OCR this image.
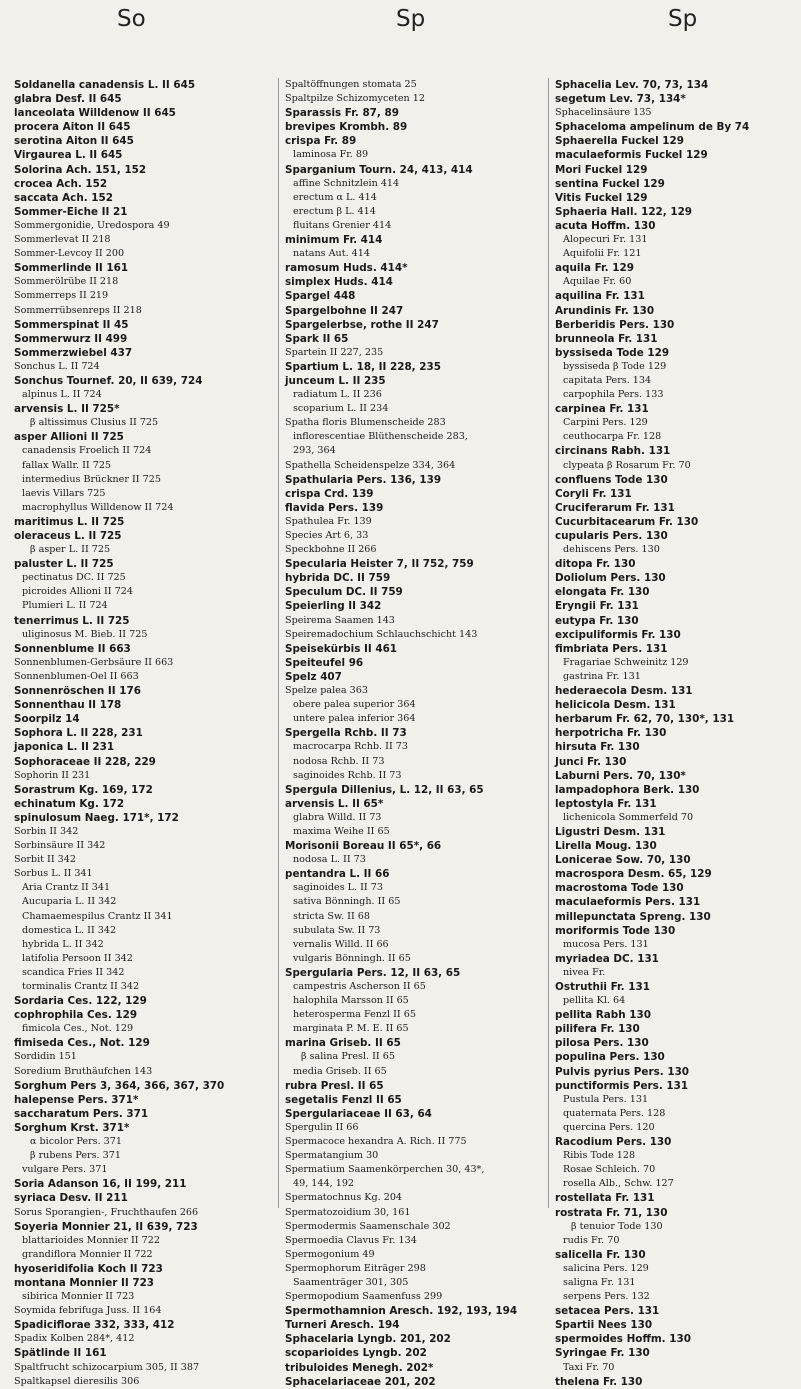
So	Sp	Sp
Soldanella canadensis L. II 645
glabra Desf. II 645
lanceolata Willdenow II 645
procera Aiton II 645
serotina Aiton II 645
Virgaurea L. II 645
Solorina Ach. 151, 152
crocea Ach. 152
saccata Ach. 152
Sommer-Eiche II 21
Sommergonidie, Uredospora 49
Sommerlevat II 218
Sommer-Levcoy II 200
Sommerlinde II 161
Sommerölrübe II 218
Sommerreps II 219
Sommerrübsenreps II 218
Sommerspinat II 45
Sommerwurz II 499
Sommerzwiebel 437
Sonchus L. II 724
Sonchus Tournef. 20, II 639, 724
alpinus L. II 724
arvensis L. II 725*
β altissimus Clusius II 725
asper Allioni II 725
canadensis Froelich II 724
fallax Wallr. II 725
intermedius Brückner II 725
laevis Villars 725
macrophyllus Willdenow II 724
maritimus L. II 725
oleraceus L. II 725
β asper L. II 725
paluster L. II 725
pectinatus DC. II 725
picroides Allioni II 724
Plumieri L. II 724
tenerrimus L. II 725
uliginosus M. Bieb. II 725
Sonnenblume II 663
Sonnenblumen-Gerbsäure II 663
Sonnenblumen-Oel II 663
Sonnenröschen II 176
Sonnenthau II 178
Soorpilz 14
Sophora L. II 228, 231
japonica L. II 231
Sophoraceae II 228, 229
Sophorin II 231
Sorastrum Kg. 169, 172
echinatum Kg. 172
spinulosum Naeg. 171*, 172
Sorbin II 342
Sorbinsäure II 342
Sorbit II 342
Sorbus L. II 341
Aria Crantz II 341
Aucuparia L. II 342
Chamaemespilus Crantz II 341
domestica L. II 342
hybrida L. II 342
latifolia Persoon II 342
scandica Fries II 342
torminalis Crantz II 342
Sordaria Ces. 122, 129
cophrophila Ces. 129
fimicola Ces., Not. 129
fimiseda Ces., Not. 129
Sordidin 151
Soredium Bruthäufchen 143
Sorghum Pers 3, 364, 366, 367, 370
halepense Pers. 371*
saccharatum Pers. 371
Sorghum Krst. 371*
α bicolor Pers. 371
β rubens Pers. 371
vulgare Pers. 371
Soria Adanson 16, II 199, 211
syriaca Desv. II 211
Sorus Sporangien-, Fruchthaufen 266
Soyeria Monnier 21, II 639, 723
blattarioides Monnier II 722
grandiflora Monnier II 722
hyoseridifolia Koch II 723
montana Monnier II 723
sibirica Monnier II 723
Soymida febrifuga Juss. II 164
Spadiciflorae 332, 333, 412
Spadix Kolben 284*, 412
Spätlinde II 161
Spaltfrucht schizocarpium 305, II 387
Spaltkapsel dieresilis 306
Spaltöffnungen stomata 25
Spaltpilze Schizomyceten 12
Sparassis Fr. 87, 89
brevipes Krombh. 89
crispa Fr. 89
laminosa Fr. 89
Sparganium Tourn. 24, 413, 414
affine Schnitzlein 414
erectum α L. 414
erectum β L. 414
fluitans Grenier 414
minimum Fr. 414
natans Aut. 414
ramosum Huds. 414*
simplex Huds. 414
Spargel 448
Spargelbohne II 247
Spargelerbse, rothe II 247
Spark II 65
Spartein II 227, 235
Spartium L. 18, II 228, 235
junceum L. II 235
radiatum L. II 236
scoparium L. II 234
Spatha floris Blumenscheide 283
inflorescentiae Blüthenscheide 283,
293, 364
Spathella Scheidenspelze 334, 364
Spathularia Pers. 136, 139
crispa Crd. 139
flavida Pers. 139
Spathulea Fr. 139
Species Art 6, 33
Speckbohne II 266
Specularia Heister 7, II 752, 759
hybrida DC. II 759
Speculum DC. II 759
Speierling II 342
Speirema Saamen 143
Speiremadochium Schlauchschicht 143
Speisekürbis II 461
Speiteufel 96
Spelz 407
Spelze palea 363
obere palea superior 364
untere palea inferior 364
Spergella Rchb. II 73
macrocarpa Rchb. II 73
nodosa Rchb. II 73
saginoides Rchb. II 73
Spergula Dillenius, L. 12, II 63, 65
arvensis L. II 65*
glabra Willd. II 73
maxima Weihe II 65
Morisonii Boreau II 65*, 66
nodosa L. II 73
pentandra L. II 66
saginoides L. II 73
sativa Bönningh. II 65
stricta Sw. II 68
subulata Sw. II 73
vernalis Willd. II 66
vulgaris Bönningh. II 65
Spergularia Pers. 12, II 63, 65
campestris Ascherson II 65
halophila Marsson II 65
heterosperma Fenzl II 65
marginata P. M. E. II 65
marina Griseb. II 65
β salina Presl. II 65
media Griseb. II 65
rubra Presl. II 65
segetalis Fenzl II 65
Spergulariaceae II 63, 64
Spergulin II 66
Spermacoce hexandra A. Rich. II 775
Spermatangium 30
Spermatium Saamenkörperchen 30, 43*,
49, 144, 192
Spermatochnus Kg. 204
Spermatozoidium 30, 161
Spermodermis Saamenschale 302
Spermoedia Clavus Fr. 134
Spermogonium 49
Spermophorum Eiträger 298
Saamenträger 301, 305
Spermopodium Saamenfuss 299
Spermothamnion Aresch. 192, 193, 194
Turneri Aresch. 194
Sphacelaria Lyngb. 201, 202
scoparioides Lyngb. 202
tribuloides Menegh. 202*
Sphacelariaceae 201, 202
Sphacelia Lev. 70, 73, 134
segetum Lev. 73, 134*
Sphacelinsäure 135
Sphaceloma ampelinum de By 74
Sphaerella Fuckel 129
maculaeformis Fuckel 129
Mori Fuckel 129
sentina Fuckel 129
Vitis Fuckel 129
Sphaeria Hall. 122, 129
acuta Hoffm. 130
Alopecuri Fr. 131
Aquifolii Fr. 121
aquila Fr. 129
Aquilae Fr. 60
aquilina Fr. 131
Arundinis Fr. 130
Berberidis Pers. 130
brunneola Fr. 131
byssiseda Tode 129
byssiseda β Tode 129
capitata Pers. 134
carpophila Pers. 133
carpinea Fr. 131
Carpini Pers. 129
ceuthocarpa Fr. 128
circinans Rabh. 131
clypeata β Rosarum Fr. 70
confluens Tode 130
Coryli Fr. 131
Cruciferarum Fr. 131
Cucurbitacearum Fr. 130
cupularis Pers. 130
dehiscens Pers. 130
ditopa Fr. 130
Doliolum Pers. 130
elongata Fr. 130
Eryngii Fr. 131
eutypa Fr. 130
excipuliformis Fr. 130
fimbriata Pers. 131
Fragariae Schweinitz 129
gastrina Fr. 131
hederaecola Desm. 131
helicicola Desm. 131
herbarum Fr. 62, 70, 130*, 131
herpotricha Fr. 130
hirsuta Fr. 130
Junci Fr. 130
Laburni Pers. 70, 130*
lampadophora Berk. 130
leptostyla Fr. 131
lichenicola Sommerfeld 70
Ligustri Desm. 131
Lirella Moug. 130
Lonicerae Sow. 70, 130
macrospora Desm. 65, 129
macrostoma Tode 130
maculaeformis Pers. 131
millepunctata Spreng. 130
moriformis Tode 130
mucosa Pers. 131
myriadea DC. 131
nivea Fr.
Ostruthii Fr. 131
pellita Kl. 64
pellita Rabh 130
pilifera Fr. 130
pilosa Pers. 130
populina Pers. 130
Pulvis pyrius Pers. 130
punctiformis Pers. 131
Pustula Pers. 131
quaternata Pers. 128
quercina Pers. 120
Racodium Pers. 130
Ribis Tode 128
Rosae Schleich. 70
rosella Alb., Schw. 127
rostellata Fr. 131
rostrata Fr. 71, 130
β tenuior Tode 130
rudis Fr. 70
salicella Fr. 130
salicina Pers. 129
saligna Fr. 131
serpens Pers. 132
setacea Pers. 131
Spartii Nees 130
spermoides Hoffm. 130
Syringae Fr. 130
Taxi Fr. 70
thelena Fr. 130
